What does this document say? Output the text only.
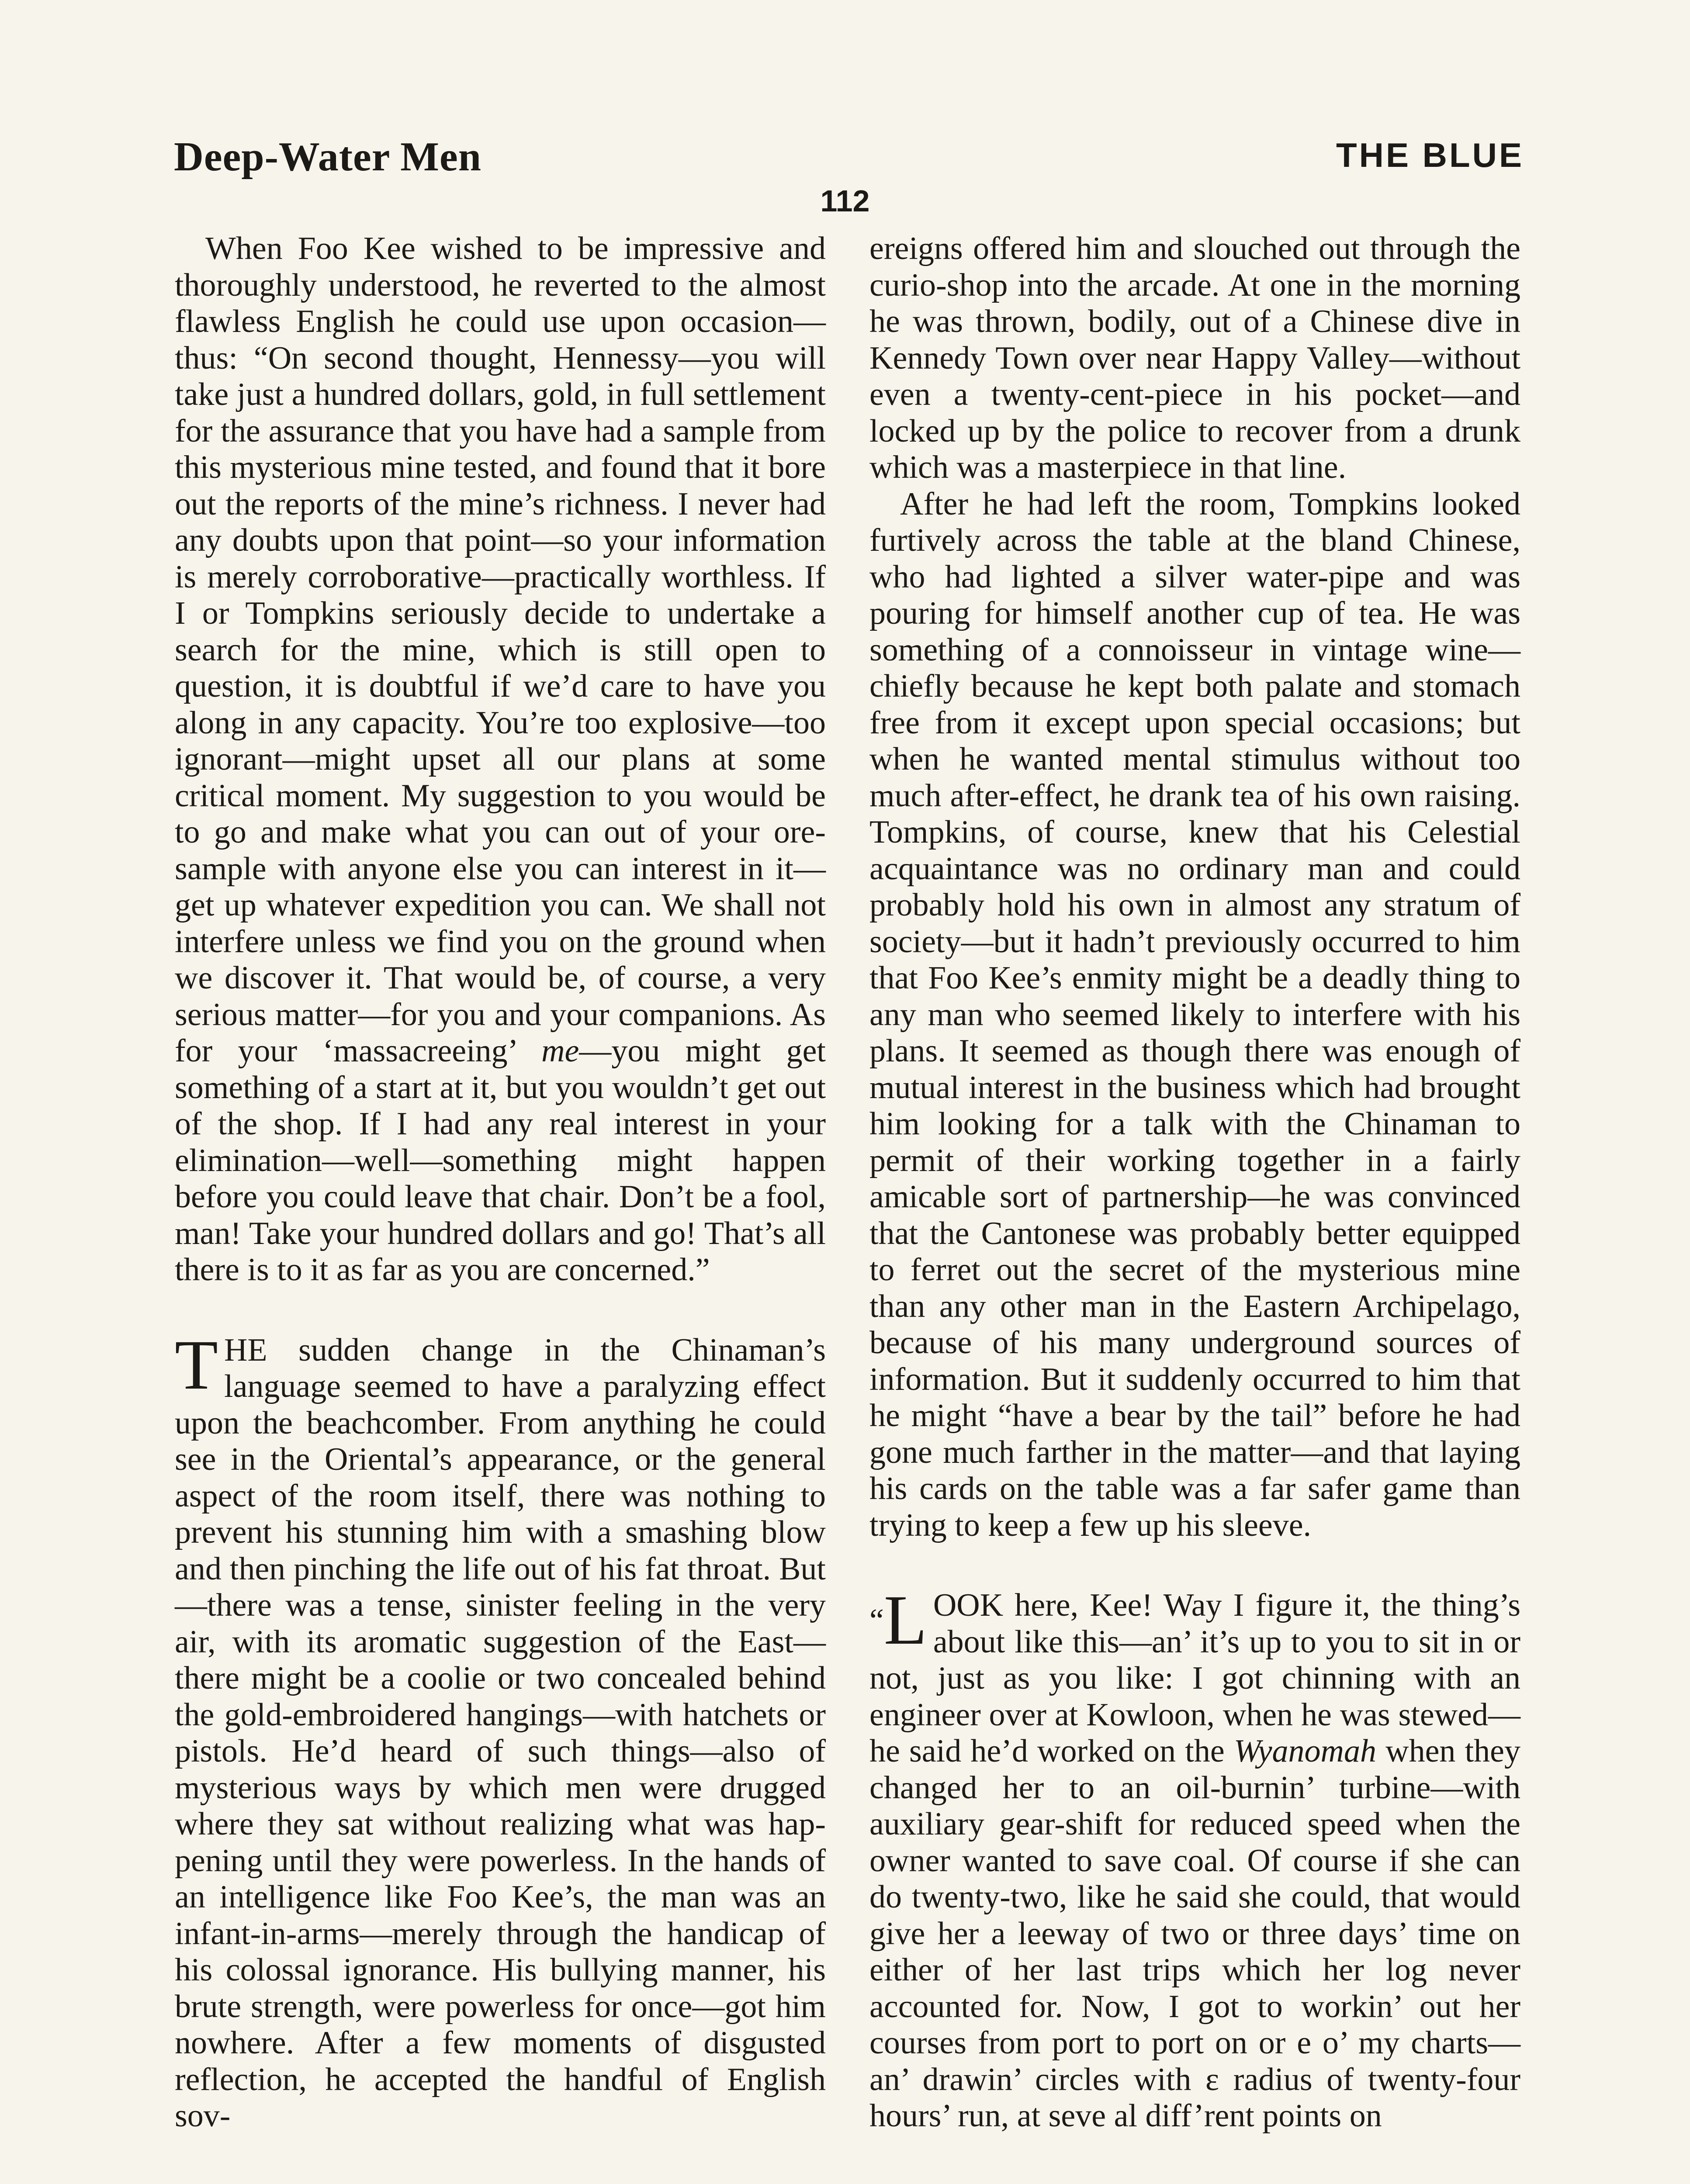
Deep-Water Men	THE BLUE
112

When Foo Kee wished to be impressive and thoroughly understood, he reverted to the almost flawless English he could use upon occasion—thus: “On second thought, Hennessy—you will take just a hundred dollars, gold, in full settlement for the assurance that you have had a sample from this mysterious mine tested, and found that it bore out the reports of the mine’s richness. I never had any doubts upon that point—so your information is merely corroborative—practically worthless. If I or Tompkins seriously decide to undertake a search for the mine, which is still open to question, it is doubtful if we’d care to have you along in any capacity. You’re too explosive—too ignorant—might upset all our plans at some critical moment. My suggestion to you would be to go and make what you can out of your ore-sample with anyone else you can interest in it—get up whatever expedition you can. We shall not interfere unless we find you on the ground when we discover it. That would be, of course, a very serious matter—for you and your companions. As for your ‘massacreeing’ me—you might get something of a start at it, but you wouldn’t get out of the shop. If I had any real interest in your elimination—well—something might happen before you could leave that chair. Don’t be a fool, man! Take your hundred dollars and go! That’s all there is to it as far as you are concerned.”

THE sudden change in the Chinaman’s language seemed to have a paralyzing effect upon the beachcomber. From anything he could see in the Oriental’s appearance, or the general aspect of the room itself, there was nothing to prevent his stunning him with a smashing blow and then pinching the life out of his fat throat. But—there was a tense, sinister feeling in the very air, with its aromatic suggestion of the East—there might be a coolie or two concealed behind the gold-embroidered hangings—with hatchets or pistols. He’d heard of such things—also of mysterious ways by which men were drugged where they sat without realizing what was happening until they were powerless. In the hands of an intelligence like Foo Kee’s, the man was an infant-in-arms—merely through the handicap of his colossal ignorance. His bullying manner, his brute strength, were powerless for once—got him nowhere. After a few moments of disgusted reflection, he accepted the handful of English sov-

ereigns offered him and slouched out through the curio-shop into the arcade. At one in the morning he was thrown, bodily, out of a Chinese dive in Kennedy Town over near Happy Valley—without even a twenty-cent-piece in his pocket—and locked up by the police to recover from a drunk which was a masterpiece in that line.

After he had left the room, Tompkins looked furtively across the table at the bland Chinese, who had lighted a silver water-pipe and was pouring for himself another cup of tea. He was something of a connoisseur in vintage wine—chiefly because he kept both palate and stomach free from it except upon special occasions; but when he wanted mental stimulus without too much after-effect, he drank tea of his own raising. Tompkins, of course, knew that his Celestial acquaintance was no ordinary man and could probably hold his own in almost any stratum of society—but it hadn’t previously occurred to him that Foo Kee’s enmity might be a deadly thing to any man who seemed likely to interfere with his plans. It seemed as though there was enough of mutual interest in the business which had brought him looking for a talk with the Chinaman to permit of their working together in a fairly amicable sort of partnership—he was convinced that the Cantonese was probably better equipped to ferret out the secret of the mysterious mine than any other man in the Eastern Archipelago, because of his many underground sources of information. But it suddenly occurred to him that he might “have a bear by the tail” before he had gone much farther in the matter—and that laying his cards on the table was a far safer game than trying to keep a few up his sleeve.

“L OOK here, Kee! Way I figure it, the thing’s about like this—an’ it’s up to you to sit in or not, just as you like: I got chinning with an engineer over at Kowloon, when he was stewed—he said he’d worked on the Wyanomah when they changed her to an oil-burnin’ turbine—with auxiliary gear-shift for reduced speed when the owner wanted to save coal. Of course if she can do twenty-two, like he said she could, that would give her a leeway of two or three days’ time on either of her last trips which her log never accounted for. Now, I got to workin’ out her courses from port to port on or e o’ my charts—an’ drawin’ circles with ε radius of twenty-four hours’ run, at seve al diff’rent points on
